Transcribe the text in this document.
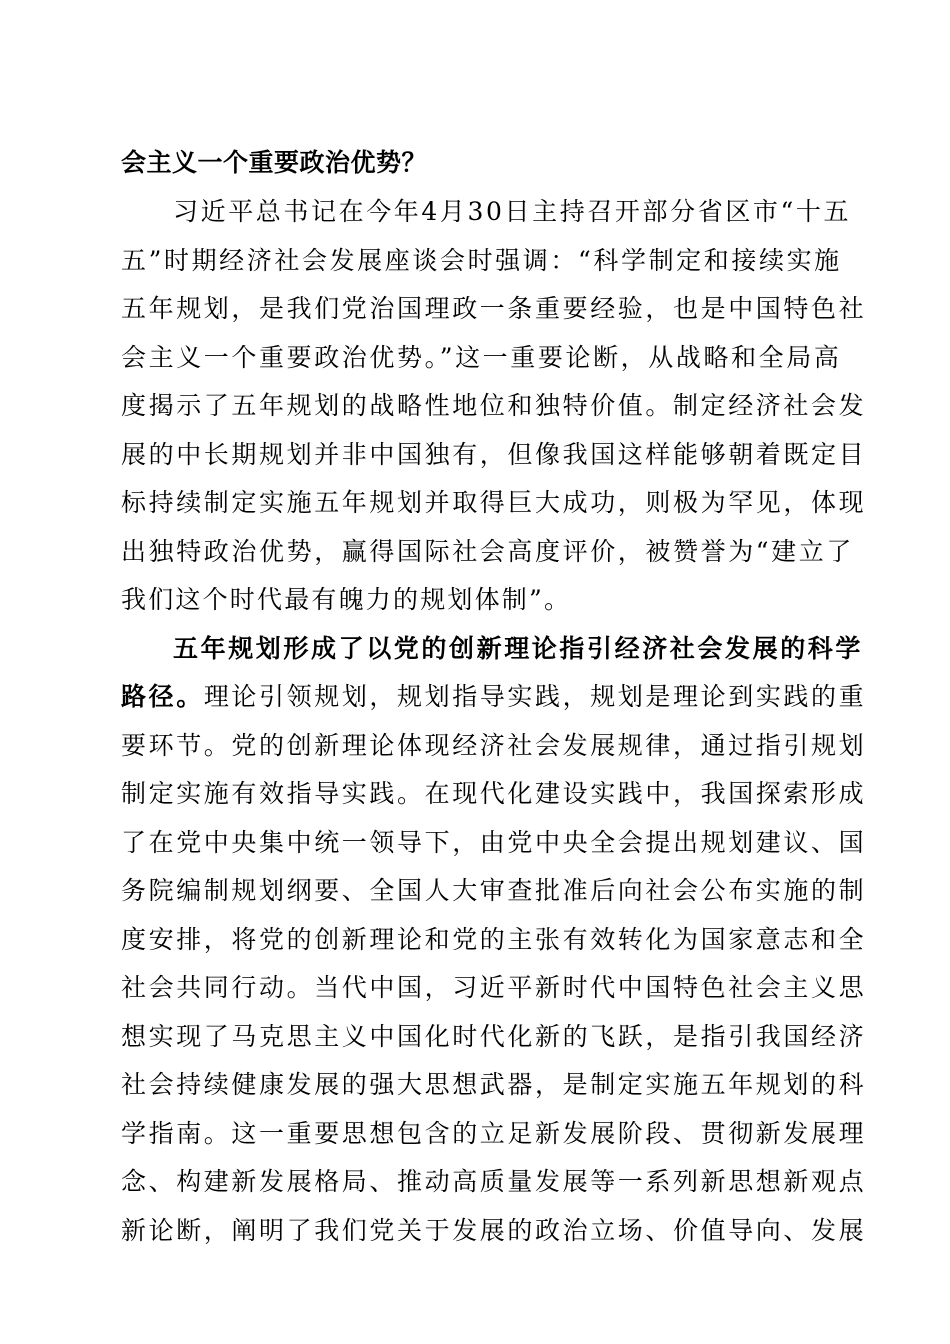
会主义一个重要政治优势？
习近平总书记在今年4月30日主持召开部分省区市“十五
五”时期经济社会发展座谈会时强调：“科学制定和接续实施
五年规划，是我们党治国理政一条重要经验，也是中国特色社
会主义一个重要政治优势。”这一重要论断，从战略和全局高
度揭示了五年规划的战略性地位和独特价值。制定经济社会发
展的中长期规划并非中国独有，但像我国这样能够朝着既定目
标持续制定实施五年规划并取得巨大成功，则极为罕见，体现
出独特政治优势，赢得国际社会高度评价，被赞誉为“建立了
我们这个时代最有魄力的规划体制”。
五年规划形成了以党的创新理论指引经济社会发展的科学
路径。理论引领规划，规划指导实践，规划是理论到实践的重
要环节。党的创新理论体现经济社会发展规律，通过指引规划
制定实施有效指导实践。在现代化建设实践中，我国探索形成
了在党中央集中统一领导下，由党中央全会提出规划建议、国
务院编制规划纲要、全国人大审查批准后向社会公布实施的制
度安排，将党的创新理论和党的主张有效转化为国家意志和全
社会共同行动。当代中国，习近平新时代中国特色社会主义思
想实现了马克思主义中国化时代化新的飞跃，是指引我国经济
社会持续健康发展的强大思想武器，是制定实施五年规划的科
学指南。这一重要思想包含的立足新发展阶段、贯彻新发展理
念、构建新发展格局、推动高质量发展等一系列新思想新观点
新论断，阐明了我们党关于发展的政治立场、价值导向、发展
